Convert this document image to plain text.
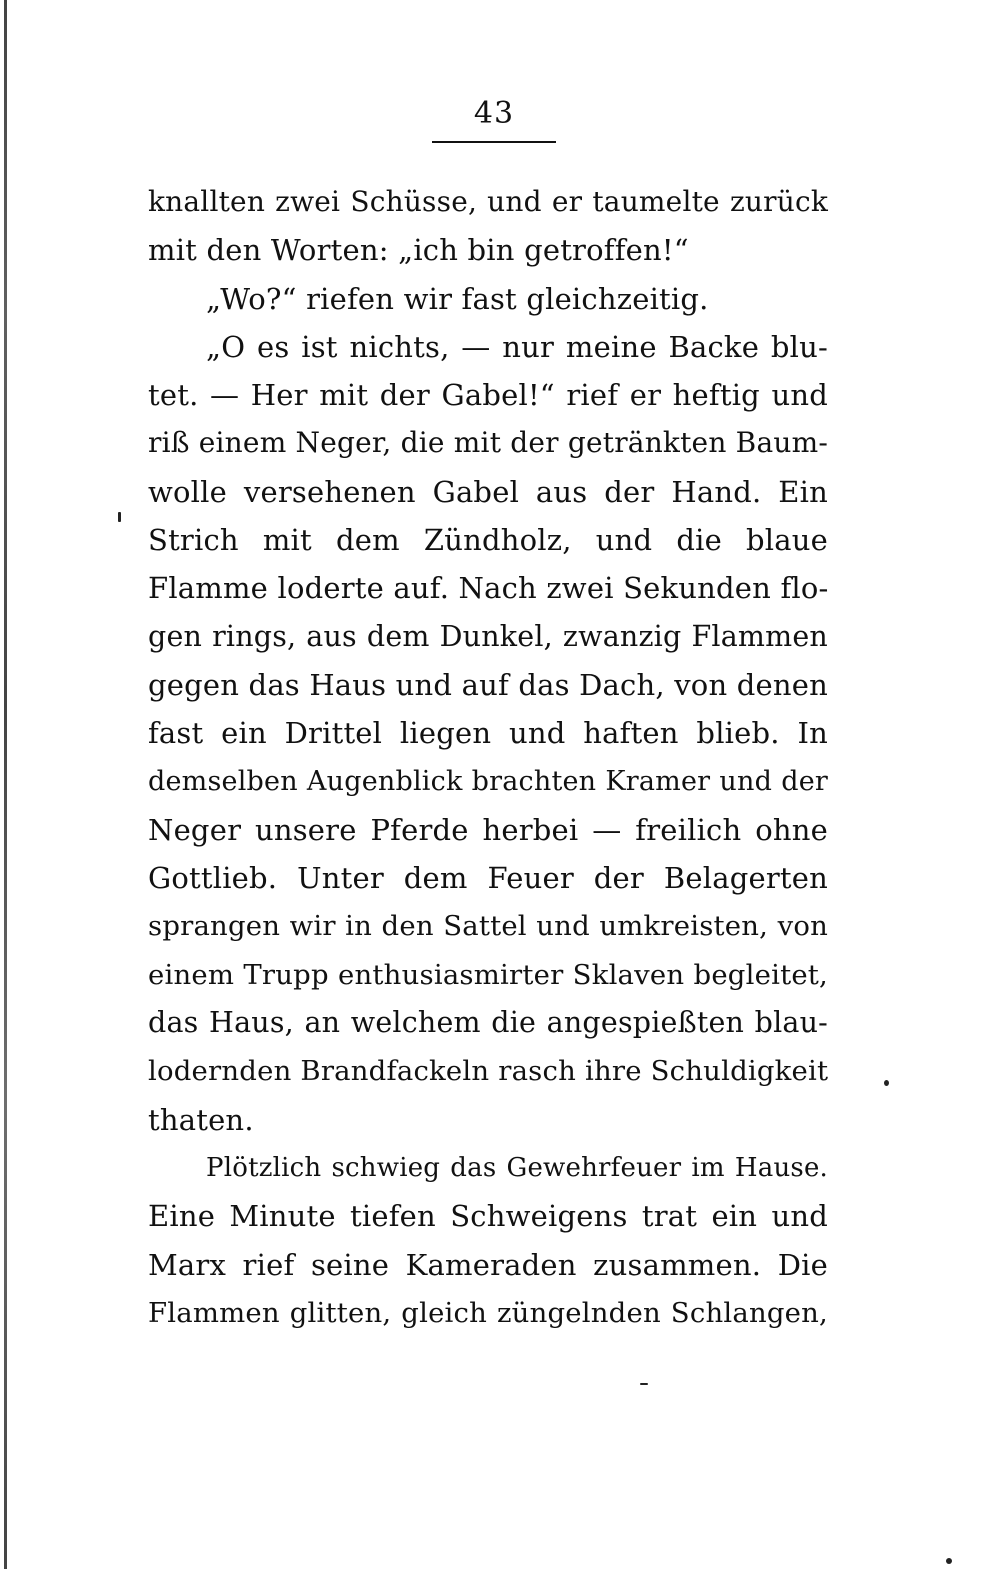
43
knallten zwei Schüsse, und er taumelte zurück
mit den Worten: „ich bin getroffen!“
„Wo?“ riefen wir fast gleichzeitig.
„O es ist nichts, — nur meine Backe blu-
tet. — Her mit der Gabel!“ rief er heftig und
riß einem Neger, die mit der getränkten Baum-
wolle versehenen Gabel aus der Hand. Ein
Strich mit dem Zündholz, und die blaue
Flamme loderte auf. Nach zwei Sekunden flo-
gen rings, aus dem Dunkel, zwanzig Flammen
gegen das Haus und auf das Dach, von denen
fast ein Drittel liegen und haften blieb. In
demselben Augenblick brachten Kramer und der
Neger unsere Pferde herbei — freilich ohne
Gottlieb. Unter dem Feuer der Belagerten
sprangen wir in den Sattel und umkreisten, von
einem Trupp enthusiasmirter Sklaven begleitet,
das Haus, an welchem die angespießten blau-
lodernden Brandfackeln rasch ihre Schuldigkeit
thaten.
Plötzlich schwieg das Gewehrfeuer im Hause.
Eine Minute tiefen Schweigens trat ein und
Marx rief seine Kameraden zusammen. Die
Flammen glitten, gleich züngelnden Schlangen,
